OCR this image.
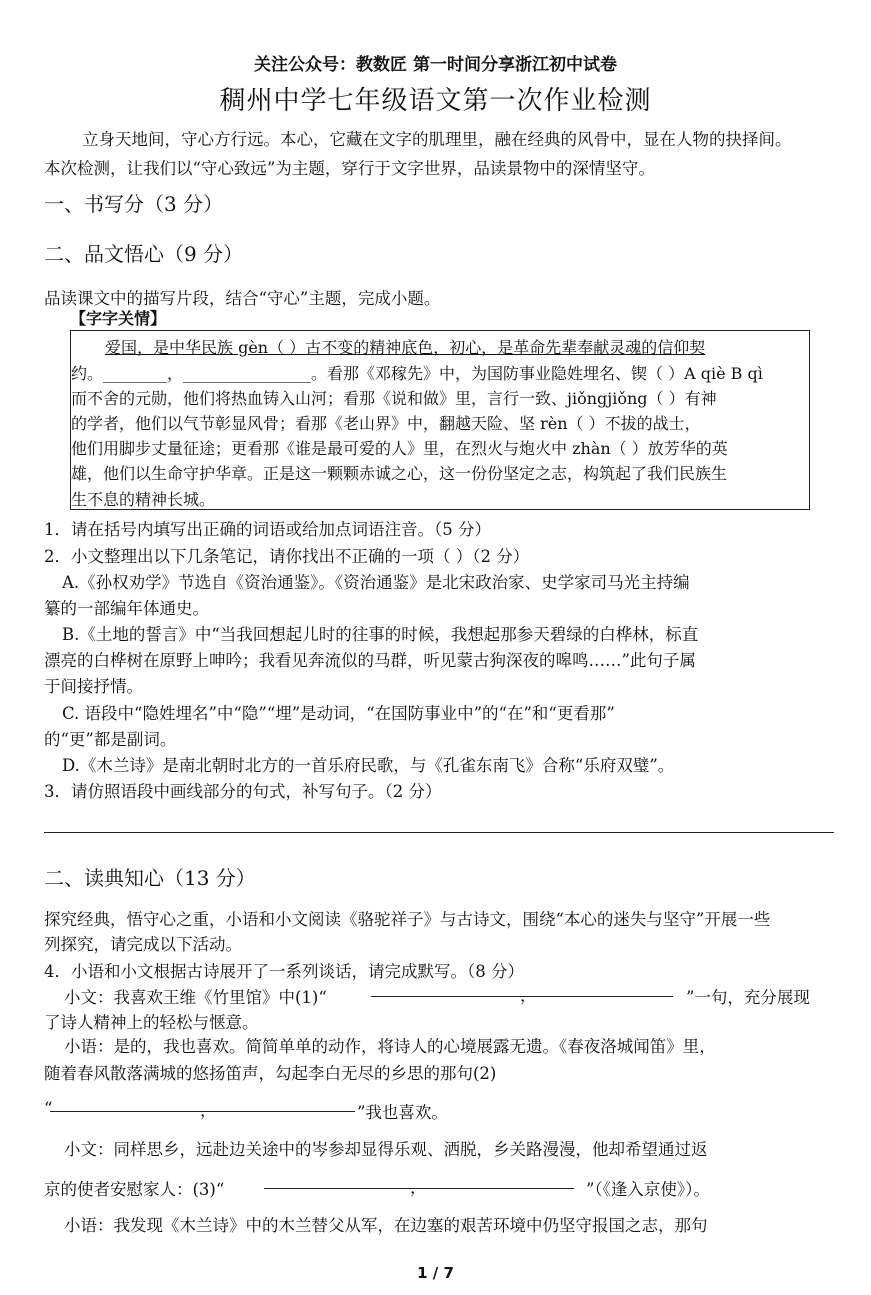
关注公众号：教数匠 第一时间分享浙江初中试卷
稠州中学七年级语文第一次作业检测
立身天地间，守心方行远。本心，它藏在文字的肌理里，融在经典的风骨中，显在人物的抉择间。
本次检测，让我们以“守心致远”为主题，穿行于文字世界，品读景物中的深情坚守。
一、书写分（3 分）
二、品文悟心（9 分）
品读课文中的描写片段，结合“守心”主题，完成小题。
【字字关情】
爱国，是中华民族 gèn（ ）古不变的精神底色，初心，是革命先辈奉献灵魂的信仰契
约。________，________________。看那《邓稼先》中，为国防事业隐姓埋名、锲（ ）A qiè B qì
而不舍的元勋，他们将热血铸入山河；看那《说和做》里，言行一致、jiǒngjiǒng（ ）有神
的学者，他们以气节彰显风骨；看那《老山界》中，翻越天险、坚 rèn（ ）不拔的战士，
他们用脚步丈量征途；更看那《谁是最可爱的人》里，在烈火与炮火中 zhàn（ ）放芳华的英
雄，他们以生命守护华章。正是这一颗颗赤诚之心，这一份份坚定之志，构筑起了我们民族生
生不息的精神长城。
1．请在括号内填写出正确的词语或给加点词语注音。（5 分）
2．小文整理出以下几条笔记，请你找出不正确的一项（ ）（2 分）
A.《孙权劝学》节选自《资治通鉴》。《资治通鉴》是北宋政治家、史学家司马光主持编
纂的一部编年体通史。
B.《土地的誓言》中“当我回想起儿时的往事的时候，我想起那参天碧绿的白桦林，标直
漂亮的白桦树在原野上呻吟；我看见奔流似的马群，听见蒙古狗深夜的嗥鸣……”此句子属
于间接抒情。
C. 语段中“隐姓埋名”中“隐”“埋”是动词，“在国防事业中”的“在”和“更看那”
的“更”都是副词。
D.《木兰诗》是南北朝时北方的一首乐府民歌，与《孔雀东南飞》合称“乐府双璧”。
3．请仿照语段中画线部分的句式，补写句子。（2 分）
二、读典知心（13 分）
探究经典，悟守心之重，小语和小文阅读《骆驼祥子》与古诗文，围绕“本心的迷失与坚守”开展一些
列探究，请完成以下活动。
4．小语和小文根据古诗展开了一系列谈话，请完成默写。（8 分）
小文：我喜欢王维《竹里馆》中(1)“	，	”一句，充分展现
了诗人精神上的轻松与惬意。
小语：是的，我也喜欢。简简单单的动作，将诗人的心境展露无遗。《春夜洛城闻笛》里，
随着春风散落满城的悠扬笛声，勾起李白无尽的乡思的那句(2)
“	，	”我也喜欢。
小文：同样思乡，远赴边关途中的岑参却显得乐观、洒脱，乡关路漫漫，他却希望通过返
京的使者安慰家人：(3)“	，	”（《逢入京使》）。
小语：我发现《木兰诗》中的木兰替父从军，在边塞的艰苦环境中仍坚守报国之志，那句
1 / 7
